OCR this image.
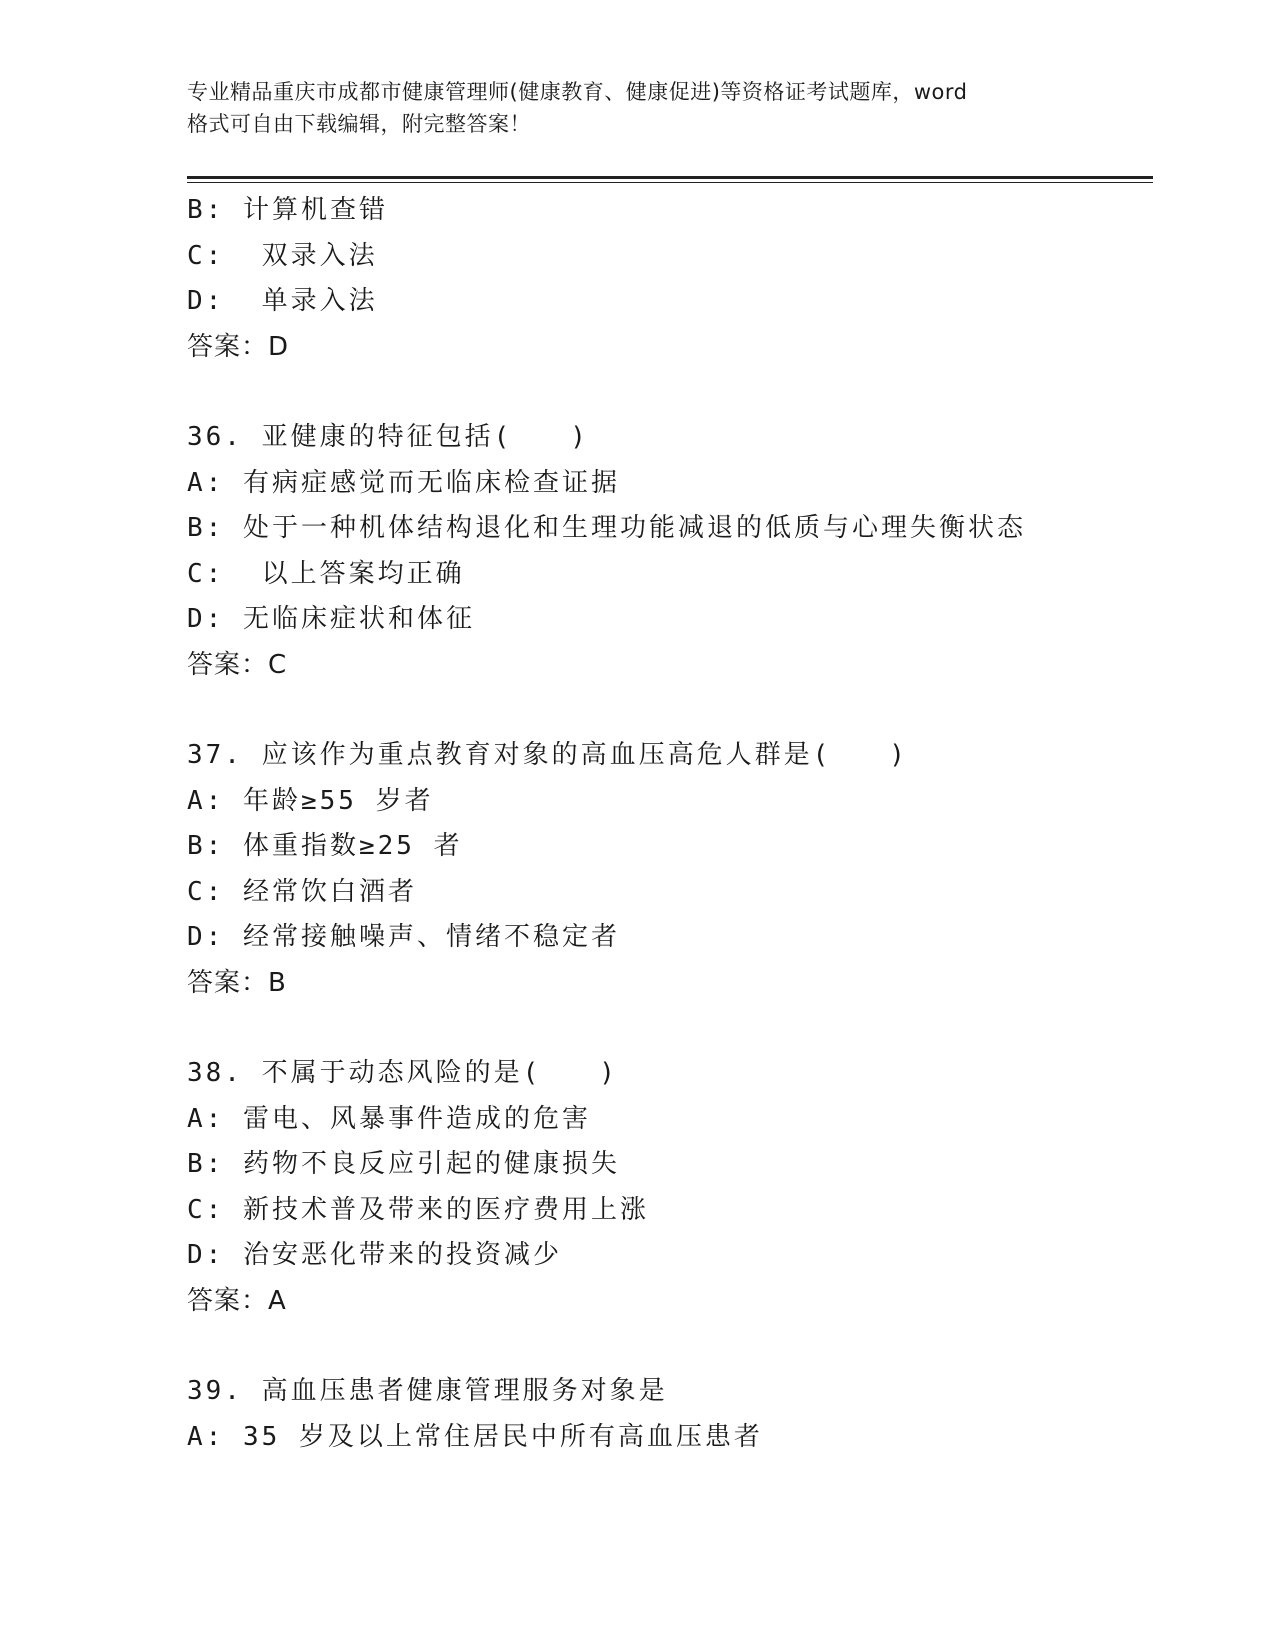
专业精品重庆市成都市健康管理师(健康教育、健康促进)等资格证考试题库，word
格式可自由下载编辑，附完整答案！
B: 计算机查错
C:  双录入法
D:  单录入法
答案：D
36. 亚健康的特征包括(　　)
A: 有病症感觉而无临床检查证据
B: 处于一种机体结构退化和生理功能减退的低质与心理失衡状态
C:  以上答案均正确
D: 无临床症状和体征
答案：C
37. 应该作为重点教育对象的高血压高危人群是(　　)
A: 年龄≥55 岁者
B: 体重指数≥25 者
C: 经常饮白酒者
D: 经常接触噪声、情绪不稳定者
答案：B
38. 不属于动态风险的是(　　)
A: 雷电、风暴事件造成的危害
B: 药物不良反应引起的健康损失
C: 新技术普及带来的医疗费用上涨
D: 治安恶化带来的投资减少
答案：A
39. 高血压患者健康管理服务对象是
A: 35 岁及以上常住居民中所有高血压患者
